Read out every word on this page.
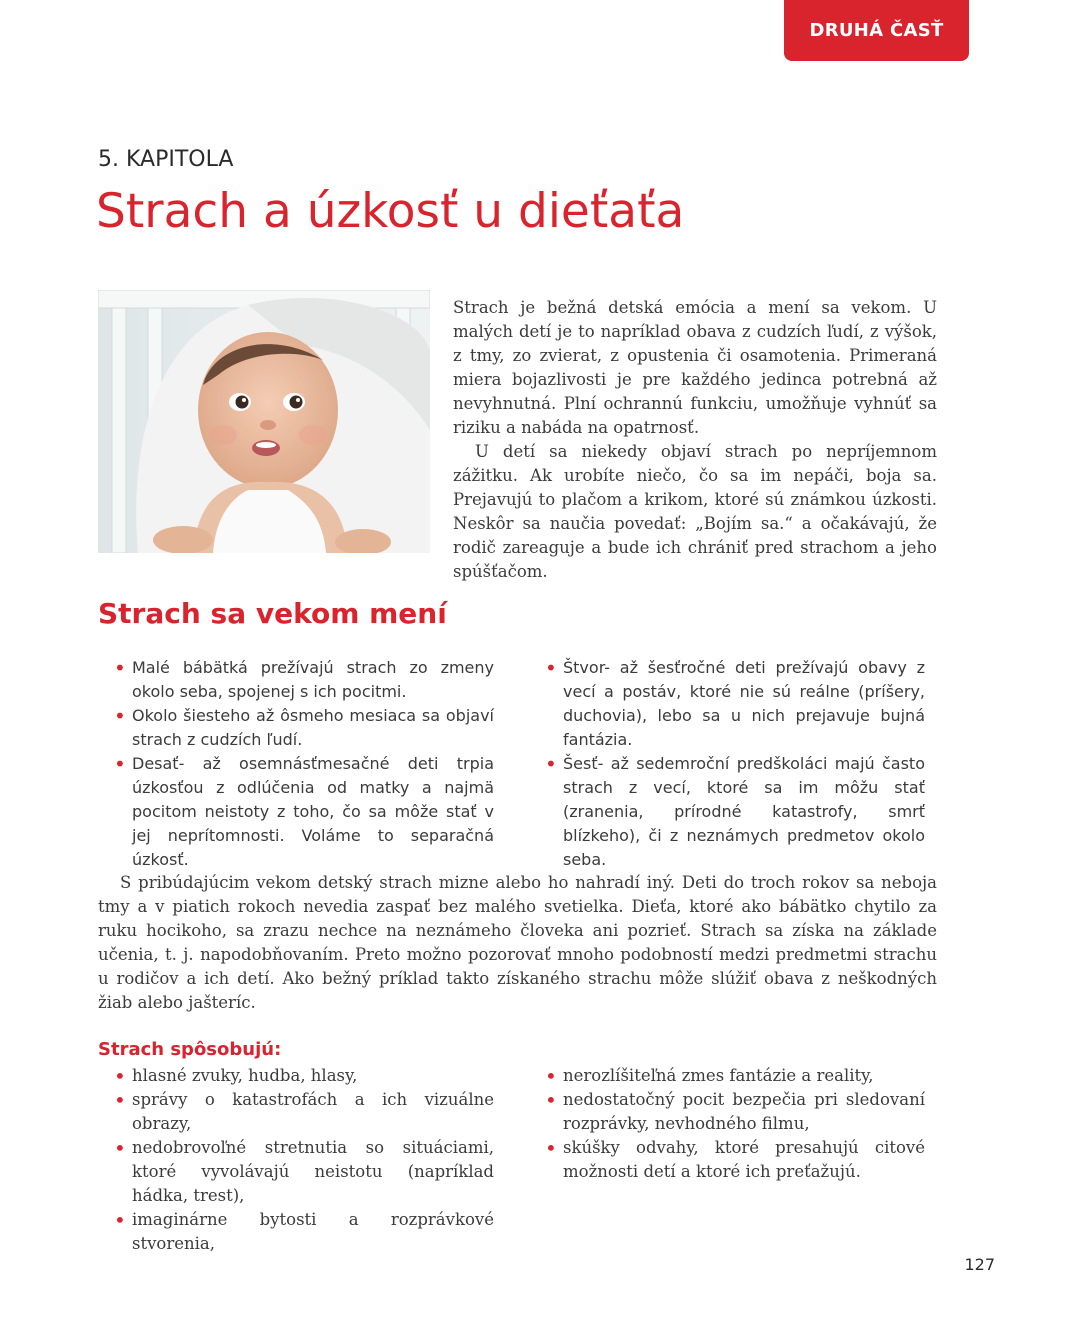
DRUHÁ ČASŤ
5. KAPITOLA
Strach a úzkosť u dieťaťa

Strach je bežná detská emócia a mení sa vekom. U malých detí je to napríklad obava z cudzích ľudí, z výšok, z tmy, zo zvierat, z opustenia či osamotenia. Primeraná miera bojazlivosti je pre každého jedinca potrebná až nevyhnutná. Plní ochrannú funkciu, umožňuje vyhnúť sa riziku a nabáda na opatrnosť.

U detí sa niekedy objaví strach po nepríjemnom zážitku. Ak urobíte niečo, čo sa im nepáči, boja sa. Prejavujú to plačom a krikom, ktoré sú známkou úzkosti. Neskôr sa naučia povedať: „Bojím sa.“ a očakávajú, že rodič zareaguje a bude ich chrániť pred strachom a jeho spúšťačom.

Strach sa vekom mení
• Malé bábätká prežívajú strach zo zmeny okolo seba, spojenej s ich pocitmi.
• Okolo šiesteho až ôsmeho mesiaca sa objaví strach z cudzích ľudí.
• Desať- až osemnásťmesačné deti trpia úzkosťou z odlúčenia od matky a najmä pocitom neistoty z toho, čo sa môže stať v jej neprítomnosti. Voláme to separačná úzkosť.
• Štvor- až šesťročné deti prežívajú obavy z vecí a postáv, ktoré nie sú reálne (príšery, duchovia), lebo sa u nich prejavuje bujná fantázia.
• Šesť- až sedemroční predškoláci majú často strach z vecí, ktoré sa im môžu stať (zranenia, prírodné katastrofy, smrť blízkeho), či z neznámych predmetov okolo seba.

S pribúdajúcim vekom detský strach mizne alebo ho nahradí iný. Deti do troch rokov sa neboja tmy a v piatich rokoch nevedia zaspať bez malého svetielka. Dieťa, ktoré ako bábätko chytilo za ruku hocikoho, sa zrazu nechce na neznámeho človeka ani pozrieť. Strach sa získa na základe učenia, t. j. napodobňovaním. Preto možno pozorovať mnoho podobností medzi predmetmi strachu u rodičov a ich detí. Ako bežný príklad takto získaného strachu môže slúžiť obava z neškodných žiab alebo jašteríc.

Strach spôsobujú:
• hlasné zvuky, hudba, hlasy,
• správy o katastrofách a ich vizuálne obrazy,
• nedobrovoľné stretnutia so situáciami, ktoré vyvolávajú neistotu (napríklad hádka, trest),
• imaginárne bytosti a rozprávkové stvorenia,
• nerozlíšiteľná zmes fantázie a reality,
• nedostatočný pocit bezpečia pri sledovaní rozprávky, nevhodného filmu,
• skúšky odvahy, ktoré presahujú citové možnosti detí a ktoré ich preťažujú.
127
